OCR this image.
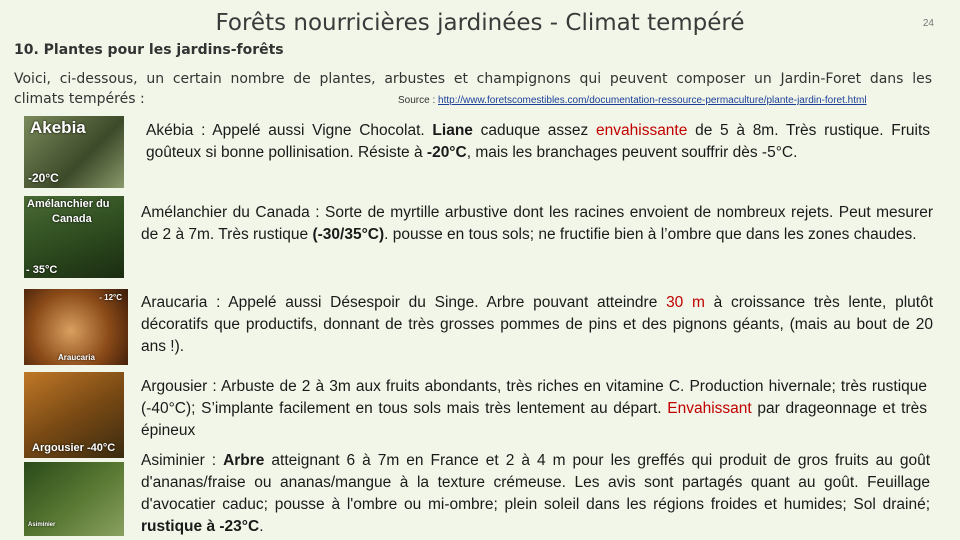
Forêts nourricières jardinées - Climat tempéré	24
10. Plantes pour les jardins-forêts
Voici, ci-dessous, un certain nombre de plantes, arbustes et champignons qui peuvent composer un Jardin-Foret dans les
climats tempérés :	Source : http://www.foretscomestibles.com/documentation-ressource-permaculture/plante-jardin-foret.html
Akebia
-20°C
Amélanchier du
Canada
- 35°C
- 12°C
Araucaria
Argousier -40°C
Asiminier
Akébia : Appelé aussi Vigne Chocolat. Liane caduque assez envahissante de 5 à 8m. Très rustique. Fruits goûteux si bonne pollinisation. Résiste à -20°C, mais les branchages peuvent souffrir dès -5°C.
Amélanchier du Canada : Sorte de myrtille arbustive dont les racines envoient de nombreux rejets. Peut mesurer de 2 à 7m. Très rustique (-30/35°C). pousse en tous sols; ne fructifie bien à l’ombre que dans les zones chaudes.
Araucaria : Appelé aussi Désespoir du Singe. Arbre pouvant atteindre 30 m à croissance très lente, plutôt décoratifs que productifs, donnant de très grosses pommes de pins et des pignons géants, (mais au bout de 20 ans !).
Argousier : Arbuste de 2 à 3m aux fruits abondants, très riches en vitamine C. Production hivernale; très rustique (-40°C); S’implante facilement en tous sols mais très lentement au départ. Envahissant par drageonnage et très épineux
Asiminier : Arbre atteignant 6 à 7m en France et 2 à 4 m pour les greffés qui produit de gros fruits au goût d'ananas/fraise ou ananas/mangue à la texture crémeuse. Les avis sont partagés quant au goût. Feuillage d'avocatier caduc; pousse à l'ombre ou mi-ombre; plein soleil dans les régions froides et humides; Sol drainé; rustique à -23°C.
